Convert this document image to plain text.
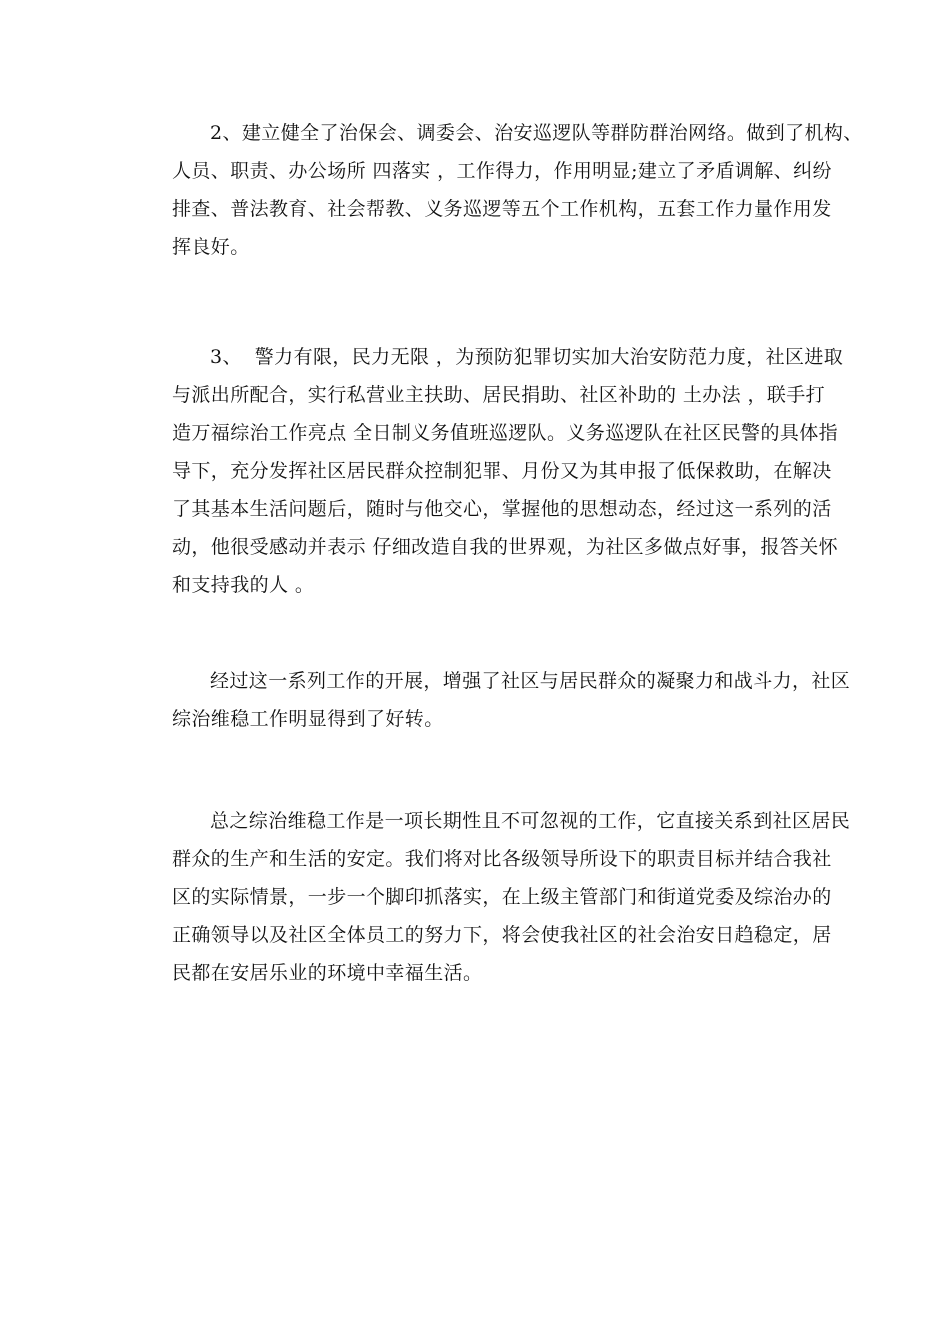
2、建立健全了治保会、调委会、治安巡逻队等群防群治网络。做到了机构、
人员、职责、办公场所 四落实 ，工作得力，作用明显;建立了矛盾调解、纠纷
排查、普法教育、社会帮教、义务巡逻等五个工作机构，五套工作力量作用发
挥良好。

3、  警力有限，民力无限 ，为预防犯罪切实加大治安防范力度，社区进取
与派出所配合，实行私营业主扶助、居民捐助、社区补助的 土办法 ，联手打
造万福综治工作亮点 全日制义务值班巡逻队。义务巡逻队在社区民警的具体指
导下，充分发挥社区居民群众控制犯罪、月份又为其申报了低保救助，在解决
了其基本生活问题后，随时与他交心，掌握他的思想动态，经过这一系列的活
动，他很受感动并表示 仔细改造自我的世界观，为社区多做点好事，报答关怀
和支持我的人 。

经过这一系列工作的开展，增强了社区与居民群众的凝聚力和战斗力，社区
综治维稳工作明显得到了好转。

总之综治维稳工作是一项长期性且不可忽视的工作，它直接关系到社区居民
群众的生产和生活的安定。我们将对比各级领导所设下的职责目标并结合我社
区的实际情景，一步一个脚印抓落实，在上级主管部门和街道党委及综治办的
正确领导以及社区全体员工的努力下，将会使我社区的社会治安日趋稳定，居
民都在安居乐业的环境中幸福生活。
